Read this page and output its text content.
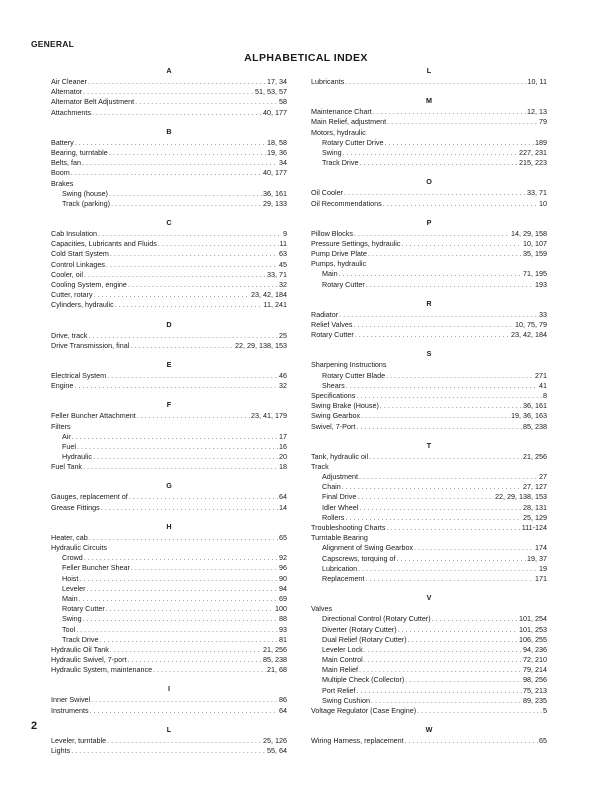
GENERAL
ALPHABETICAL INDEX
A
Air Cleaner . . .	17, 34
Alternator . . .	51, 53, 57
Alternator Belt Adjustment . . .	58
Attachments . . .	40, 177
B
Battery . . .	18, 58
Bearing, turntable . . .	19, 36
Belts, fan . . .	34
Boom . . .	40, 177
Brakes
Swing (house) . . .	36, 161
Track (parking) . . .	29, 133
C
Cab Insulation . . .	9
Capacities, Lubricants and Fluids . . .	11
Cold Start System . . .	63
Control Linkages . . .	45
Cooler, oil . . .	33, 71
Cooling System, engine . . .	32
Cutter, rotary . . .	23, 42, 184
Cylinders, hydraulic . . .	11, 241
D
Drive, track . . .	25
Drive Transmission, final . . .	22, 29, 138, 153
E
Electrical System . . .	46
Engine . . .	32
F
Feller Buncher Attachment . . .	23, 41, 179
Filters
Air . . .	17
Fuel . . .	16
Hydraulic . . .	20
Fuel Tank . . .	18
G
Gauges, replacement of . . .	64
Grease Fittings . . .	14
H
Heater, cab . . .	65
Hydraulic Circuits
Crowd . . .	92
Feller Buncher Shear . . .	96
Hoist . . .	90
Leveler . . .	94
Main . . .	69
Rotary Cutter . . .	100
Swing . . .	88
Tool . . .	93
Track Drive . . .	81
Hydraulic Oil Tank . . .	21, 256
Hydraulic Swivel, 7-port . . .	85, 238
Hydraulic System, maintenance . . .	21, 68
I
Inner Swivel . . .	86
Instruments . . .	64
L
Leveler, turntable . . .	25, 126
Lights . . .	55, 64
L
Lubricants . . .	10, 11
M
Maintenance Chart . . .	12, 13
Main Relief, adjustment . . .	79
Motors, hydraulic
Rotary Cutter Drive . . .	189
Swing . . .	227, 231
Track Drive . . .	215, 223
O
Oil Cooler . . .	33, 71
Oil Recommendations . . .	10
P
Pillow Blocks . . .	14, 29, 158
Pressure Settings, hydraulic . . .	10, 107
Pump Drive Plate . . .	35, 159
Pumps, hydraulic
Main . . .	71, 195
Rotary Cutter . . .	193
R
Radiator . . .	33
Relief Valves . . .	10, 75, 79
Rotary Cutter . . .	23, 42, 184
S
Sharpening Instructions
Rotary Cutter Blade . . .	271
Shears . . .	41
Specifications . . .	8
Swing Brake (House) . . .	36, 161
Swing Gearbox . . .	19, 36, 163
Swivel, 7-Port . . .	85, 238
T
Tank, hydraulic oil . . .	21, 256
Track
Adjustment . . .	27
Chain . . .	27, 127
Final Drive . . .	22, 29, 138, 153
Idler Wheel . . .	28, 131
Rollers . . .	25, 129
Troubleshooting Charts . . .	111-124
Turntable Bearing
Alignment of Swing Gearbox . . .	174
Capscrews, torquing of . . .	19, 37
Lubrication . . .	19
Replacement . . .	171
V
Valves
Directional Control (Rotary Cutter) . . .	101, 254
Diverter (Rotary Cutter) . . .	101, 253
Dual Relief (Rotary Cutter) . . .	106, 255
Leveler Lock . . .	94, 236
Main Control . . .	72, 210
Main Relief . . .	79, 214
Multiple Check (Collector) . . .	98, 256
Port Relief . . .	75, 213
Swing Cushion . . .	89, 235
Voltage Regulator (Case Engine) . . .	5
W
Wiring Harness, replacement . . .	65
2
